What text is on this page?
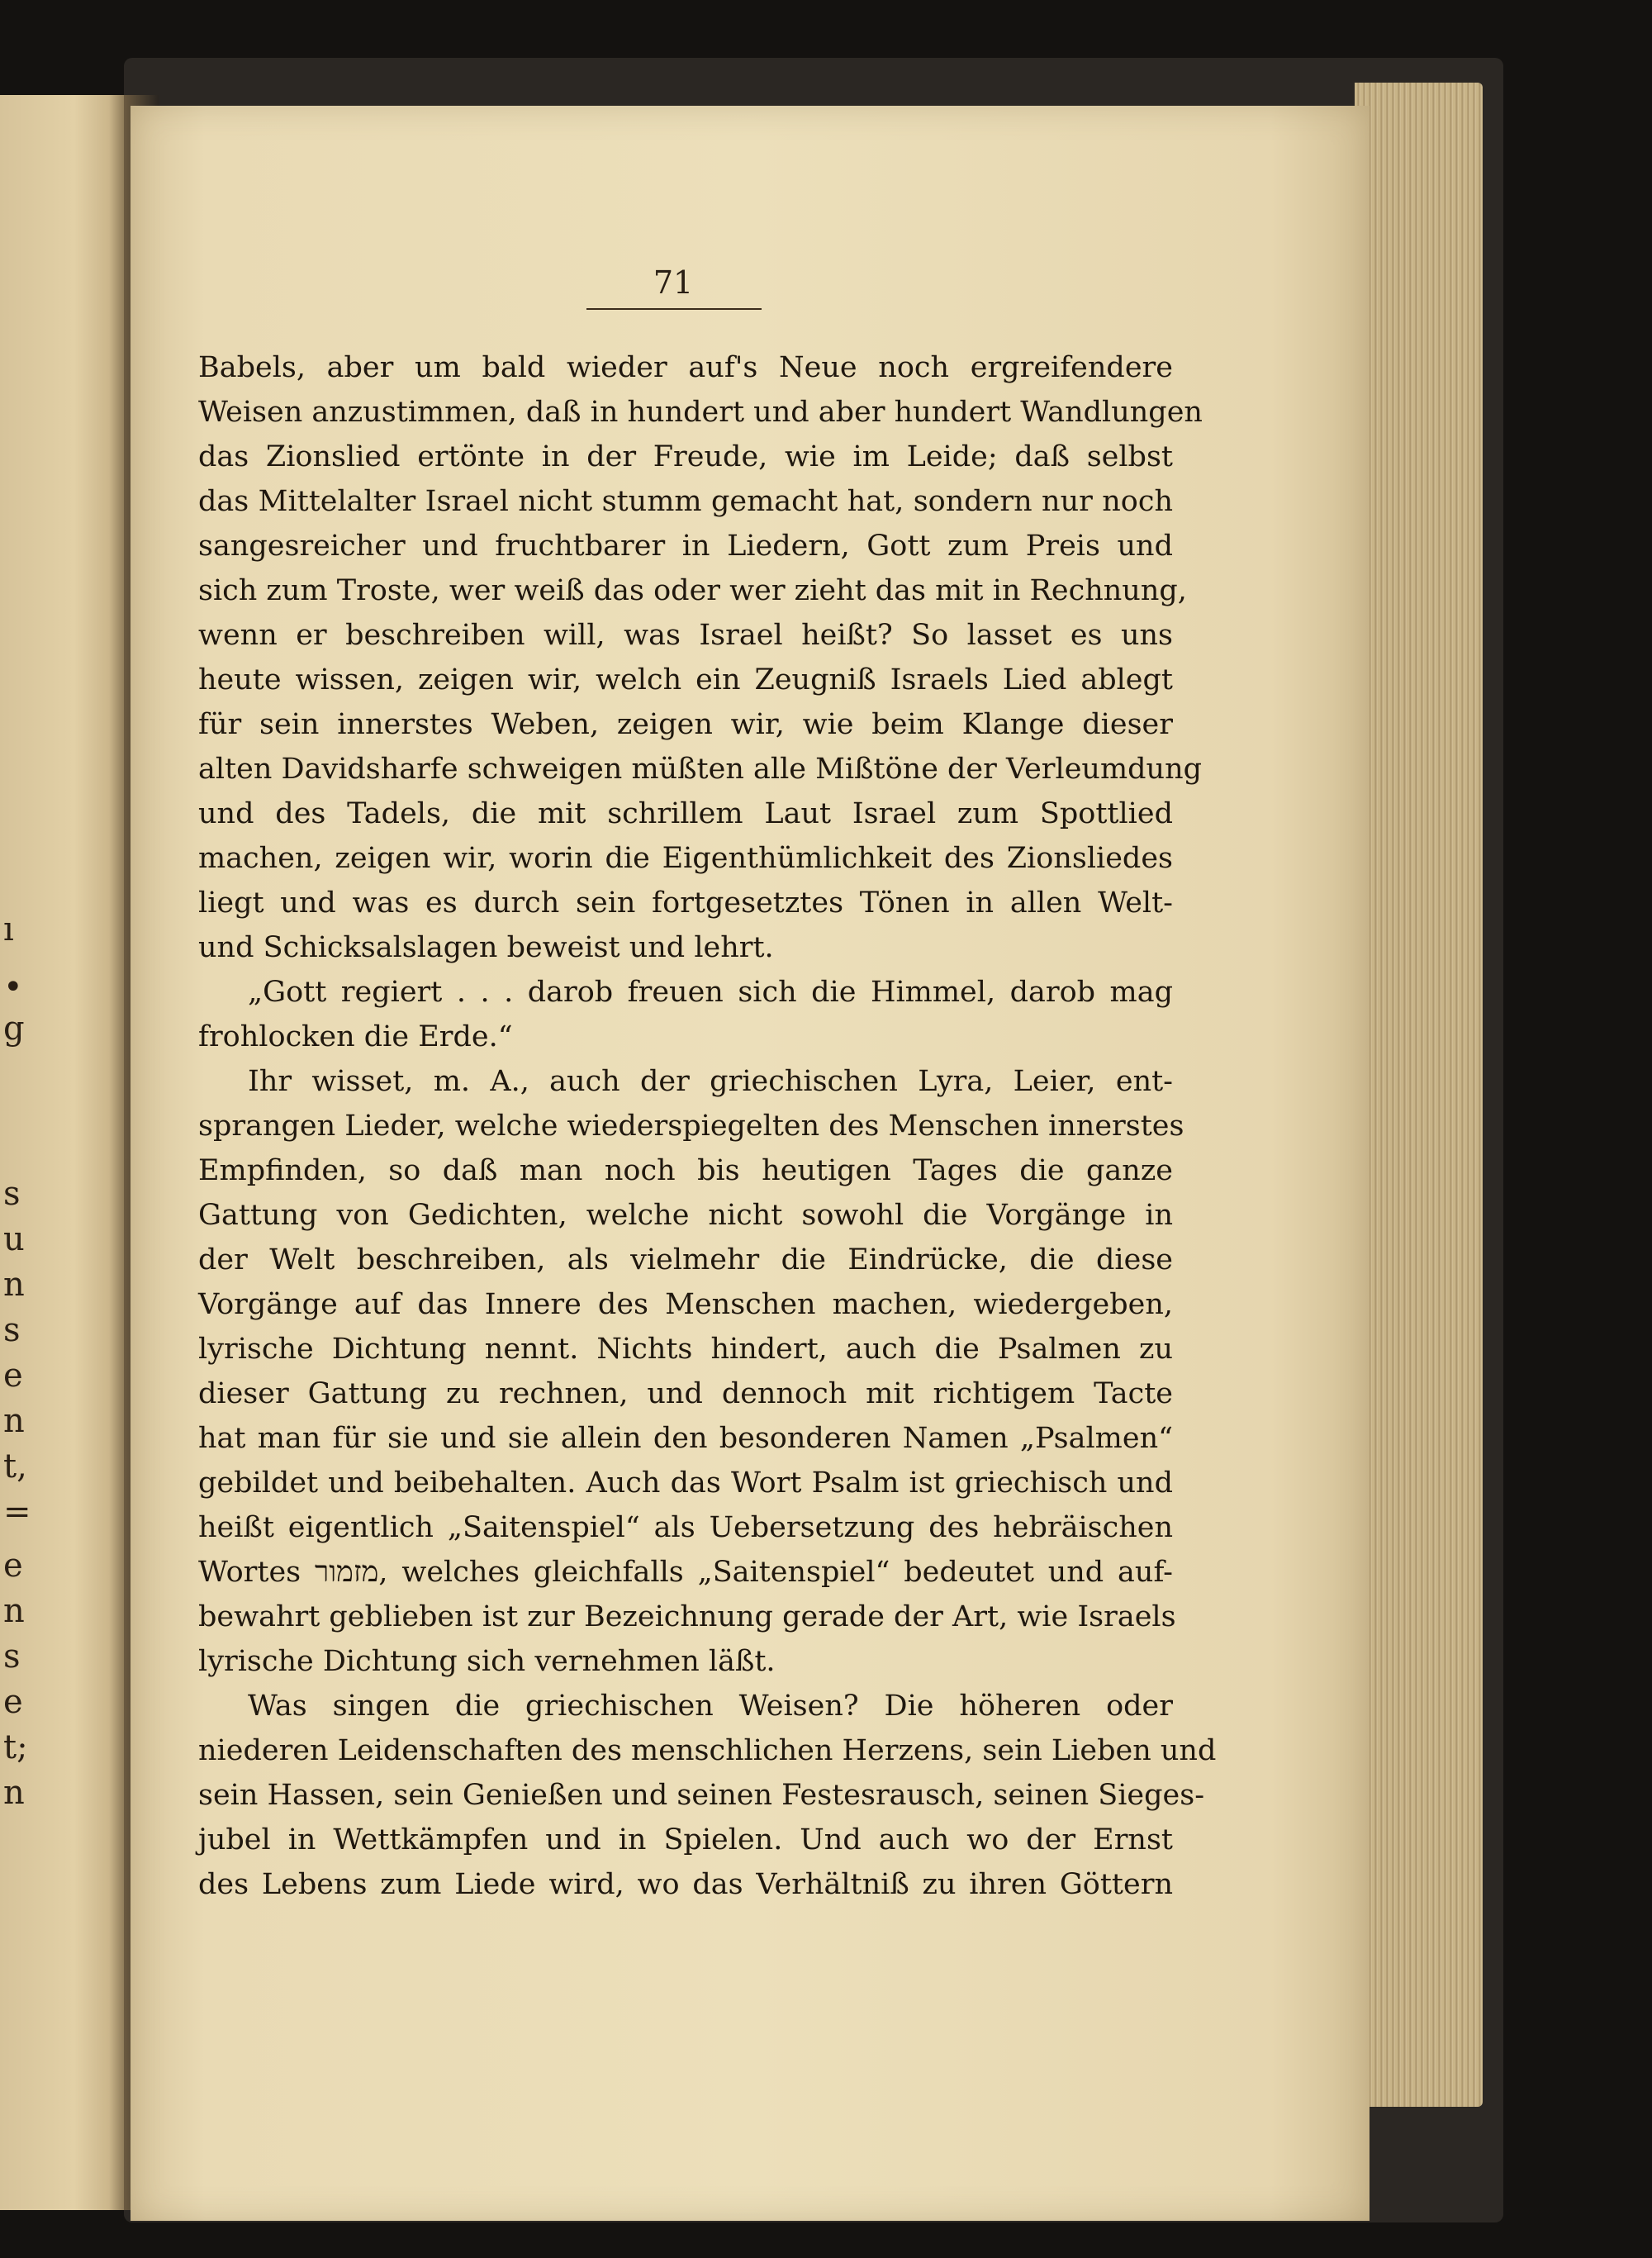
ı
•
g
s
u
n
s
e
n
t,
=
e
n
s
e
t;
n
71
Babels, aber um bald wieder auf's Neue noch ergreifendere
Weisen anzustimmen, daß in hundert und aber hundert Wandlungen
das Zionslied ertönte in der Freude, wie im Leide; daß selbst
das Mittelalter Israel nicht stumm gemacht hat, sondern nur noch
sangesreicher und fruchtbarer in Liedern, Gott zum Preis und
sich zum Troste, wer weiß das oder wer zieht das mit in Rechnung,
wenn er beschreiben will, was Israel heißt? So lasset es uns
heute wissen, zeigen wir, welch ein Zeugniß Israels Lied ablegt
für sein innerstes Weben, zeigen wir, wie beim Klange dieser
alten Davidsharfe schweigen müßten alle Mißtöne der Verleumdung
und des Tadels, die mit schrillem Laut Israel zum Spottlied
machen, zeigen wir, worin die Eigenthümlichkeit des Zionsliedes
liegt und was es durch sein fortgesetztes Tönen in allen Welt-
und Schicksalslagen beweist und lehrt.
„Gott regiert . . . darob freuen sich die Himmel, darob mag
frohlocken die Erde.“
Ihr wisset, m. A., auch der griechischen Lyra, Leier, ent-
sprangen Lieder, welche wiederspiegelten des Menschen innerstes
Empfinden, so daß man noch bis heutigen Tages die ganze
Gattung von Gedichten, welche nicht sowohl die Vorgänge in
der Welt beschreiben, als vielmehr die Eindrücke, die diese
Vorgänge auf das Innere des Menschen machen, wiedergeben,
lyrische Dichtung nennt. Nichts hindert, auch die Psalmen zu
dieser Gattung zu rechnen, und dennoch mit richtigem Tacte
hat man für sie und sie allein den besonderen Namen „Psalmen“
gebildet und beibehalten. Auch das Wort Psalm ist griechisch und
heißt eigentlich „Saitenspiel“ als Uebersetzung des hebräischen
Wortes מזמור, welches gleichfalls „Saitenspiel“ bedeutet und auf-
bewahrt geblieben ist zur Bezeichnung gerade der Art, wie Israels
lyrische Dichtung sich vernehmen läßt.
Was singen die griechischen Weisen? Die höheren oder
niederen Leidenschaften des menschlichen Herzens, sein Lieben und
sein Hassen, sein Genießen und seinen Festesrausch, seinen Sieges-
jubel in Wettkämpfen und in Spielen. Und auch wo der Ernst
des Lebens zum Liede wird, wo das Verhältniß zu ihren Göttern
